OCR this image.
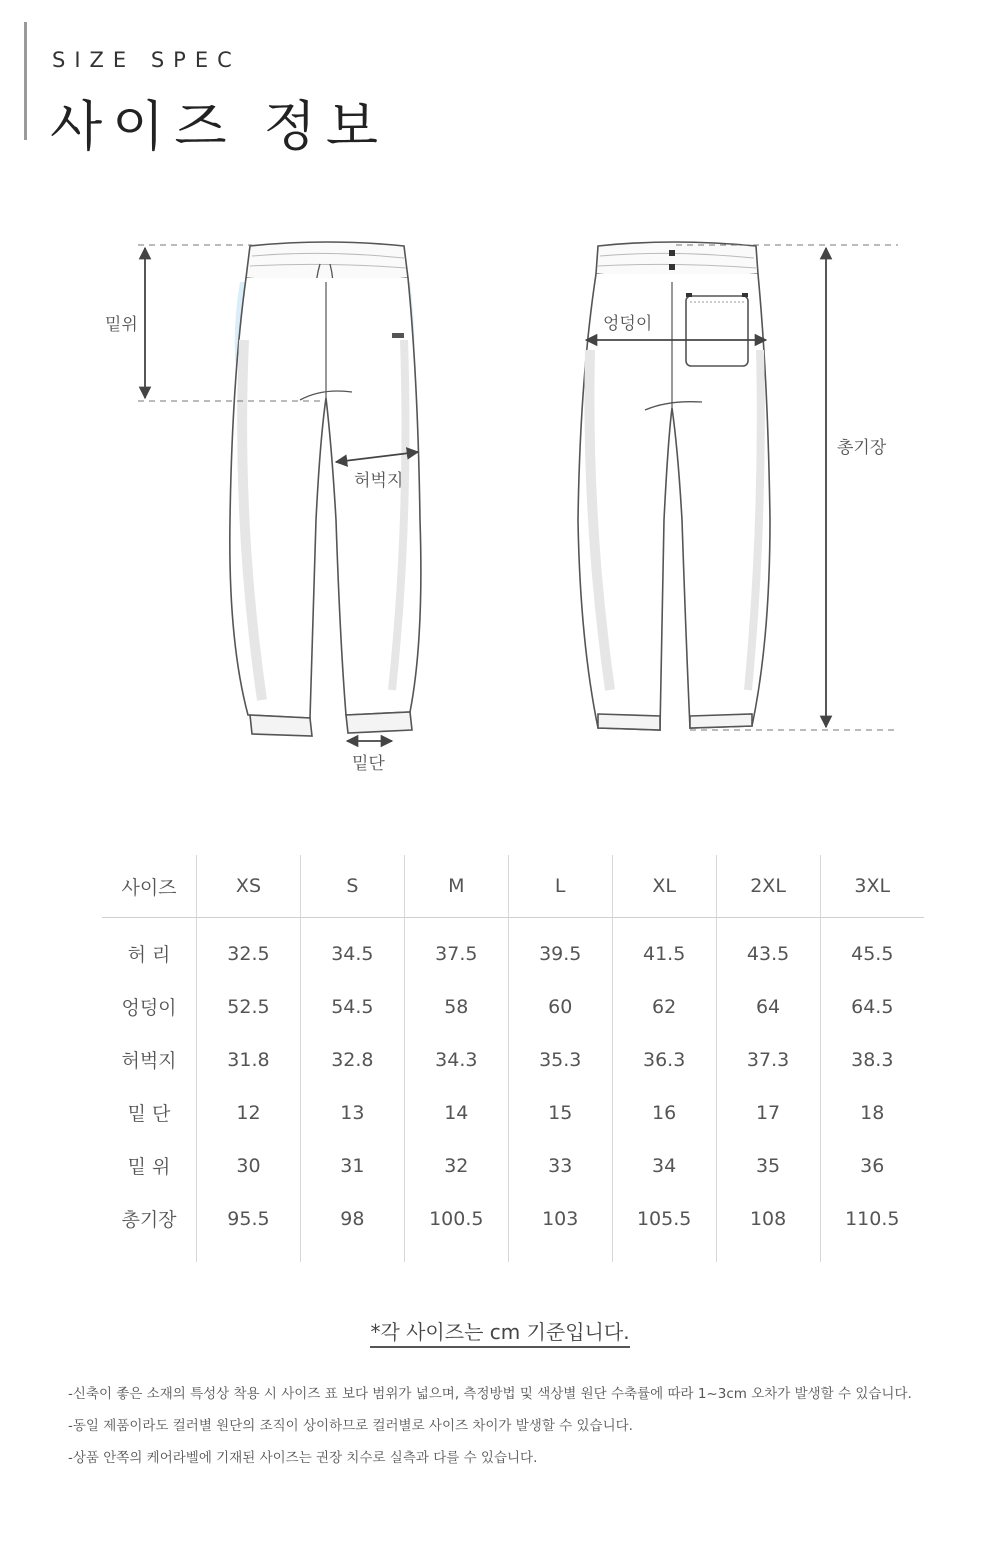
SIZE SPEC
사이즈 정보
밑위
허벅지
밑단
엉덩이
총기장
사이즈	XS	S	M	L	XL	2XL	3XL
허 리	32.5	34.5	37.5	39.5	41.5	43.5	45.5
엉덩이	52.5	54.5	58	60	62	64	64.5
허벅지	31.8	32.8	34.3	35.3	36.3	37.3	38.3
밑 단	12	13	14	15	16	17	18
밑 위	30	31	32	33	34	35	36
총기장	95.5	98	100.5	103	105.5	108	110.5
*각 사이즈는 cm 기준입니다.
-신축이 좋은 소재의 특성상 착용 시 사이즈 표 보다 범위가 넓으며, 측정방법 및 색상별 원단 수축률에 따라 1~3cm 오차가 발생할 수 있습니다.
-동일 제품이라도 컬러별 원단의 조직이 상이하므로 컬러별로 사이즈 차이가 발생할 수 있습니다.
-상품 안쪽의 케어라벨에 기재된 사이즈는 권장 치수로 실측과 다를 수 있습니다.
